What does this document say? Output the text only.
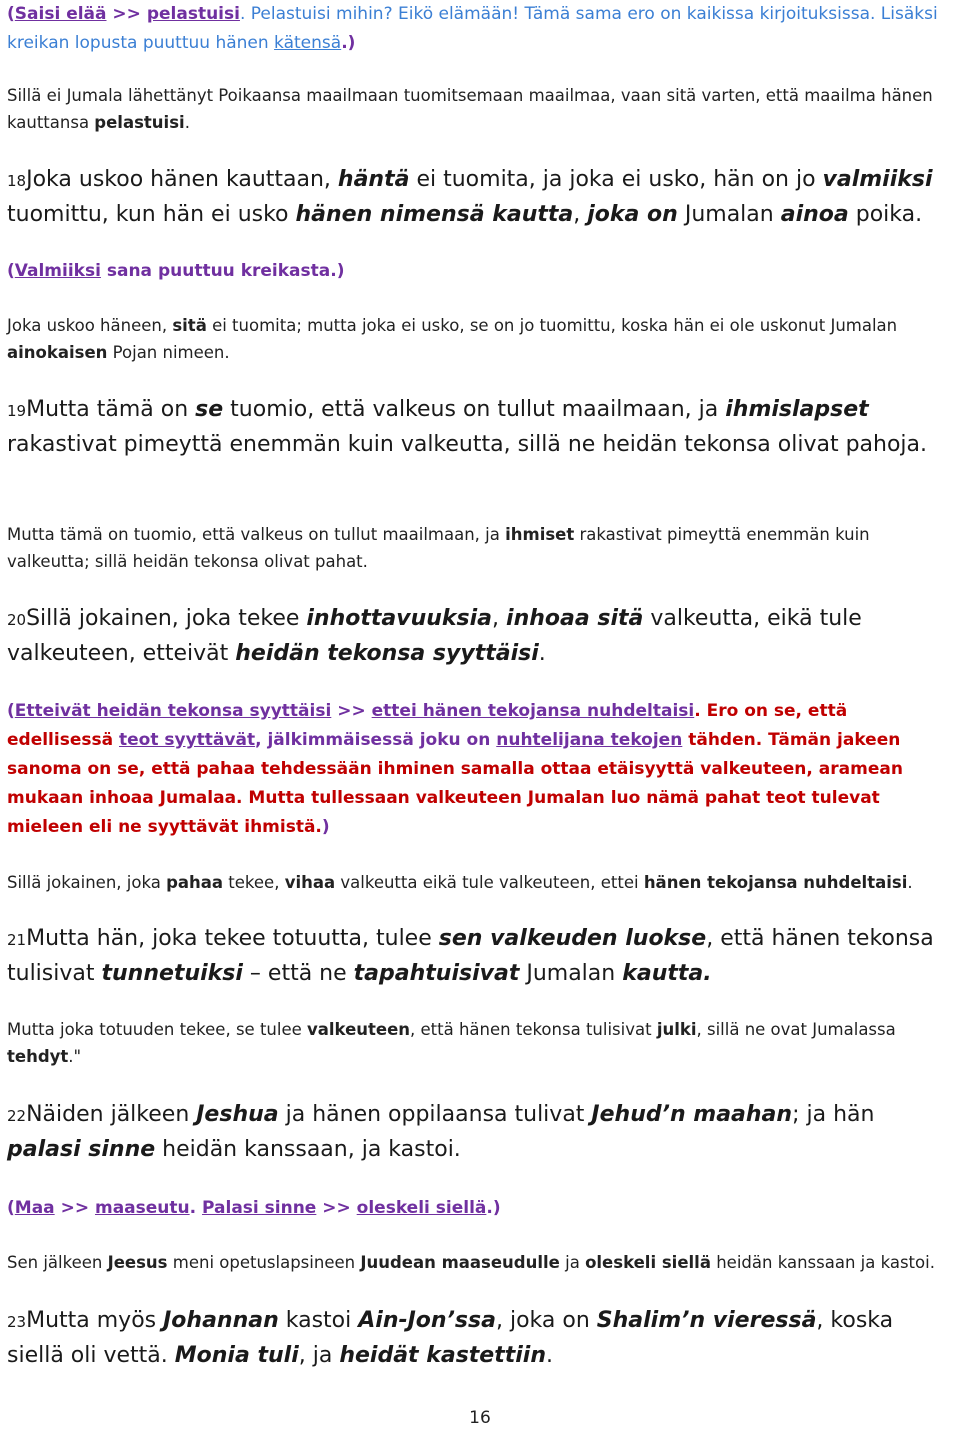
(Saisi elää >> pelastuisi. Pelastuisi mihin? Eikö elämään! Tämä sama ero on kaikissa kirjoituksissa. Lisäksi kreikan lopusta puuttuu hänen kätensä.)
Sillä ei Jumala lähettänyt Poikaansa maailmaan tuomitsemaan maailmaa, vaan sitä varten, että maailma hänen kauttansa pelastuisi.
18Joka uskoo hänen kauttaan, häntä ei tuomita, ja joka ei usko, hän on jo valmiiksi tuomittu, kun hän ei usko hänen nimensä kautta, joka on Jumalan ainoa poika.
(Valmiiksi sana puuttuu kreikasta.)
Joka uskoo häneen, sitä ei tuomita; mutta joka ei usko, se on jo tuomittu, koska hän ei ole uskonut Jumalan ainokaisen Pojan nimeen.
19Mutta tämä on se tuomio, että valkeus on tullut maailmaan, ja ihmislapset rakastivat pimeyttä enemmän kuin valkeutta, sillä ne heidän tekonsa olivat pahoja.
Mutta tämä on tuomio, että valkeus on tullut maailmaan, ja ihmiset rakastivat pimeyttä enemmän kuin valkeutta; sillä heidän tekonsa olivat pahat.
20Sillä jokainen, joka tekee inhottavuuksia, inhoaa sitä valkeutta, eikä tule valkeuteen, etteivät heidän tekonsa syyttäisi.
(Etteivät heidän tekonsa syyttäisi >> ettei hänen tekojansa nuhdeltaisi. Ero on se, että edellisessä teot syyttävät, jälkimmäisessä joku on nuhtelijana tekojen tähden. Tämän jakeen sanoma on se, että pahaa tehdessään ihminen samalla ottaa etäisyyttä valkeuteen, aramean mukaan inhoaa Jumalaa. Mutta tullessaan valkeuteen Jumalan luo nämä pahat teot tulevat mieleen eli ne syyttävät ihmistä.)
Sillä jokainen, joka pahaa tekee, vihaa valkeutta eikä tule valkeuteen, ettei hänen tekojansa nuhdeltaisi.
21Mutta hän, joka tekee totuutta, tulee sen valkeuden luokse, että hänen tekonsa tulisivat tunnetuiksi – että ne tapahtuisivat Jumalan kautta.
Mutta joka totuuden tekee, se tulee valkeuteen, että hänen tekonsa tulisivat julki, sillä ne ovat Jumalassa tehdyt."
22Näiden jälkeen Jeshua ja hänen oppilaansa tulivat Jehud’n maahan; ja hän palasi sinne heidän kanssaan, ja kastoi.
(Maa >> maaseutu. Palasi sinne >> oleskeli siellä.)
Sen jälkeen Jeesus meni opetuslapsineen Juudean maaseudulle ja oleskeli siellä heidän kanssaan ja kastoi.
23Mutta myös Johannan kastoi Ain-Jon’ssa, joka on Shalim’n vieressä, koska siellä oli vettä. Monia tuli, ja heidät kastettiin.
16
